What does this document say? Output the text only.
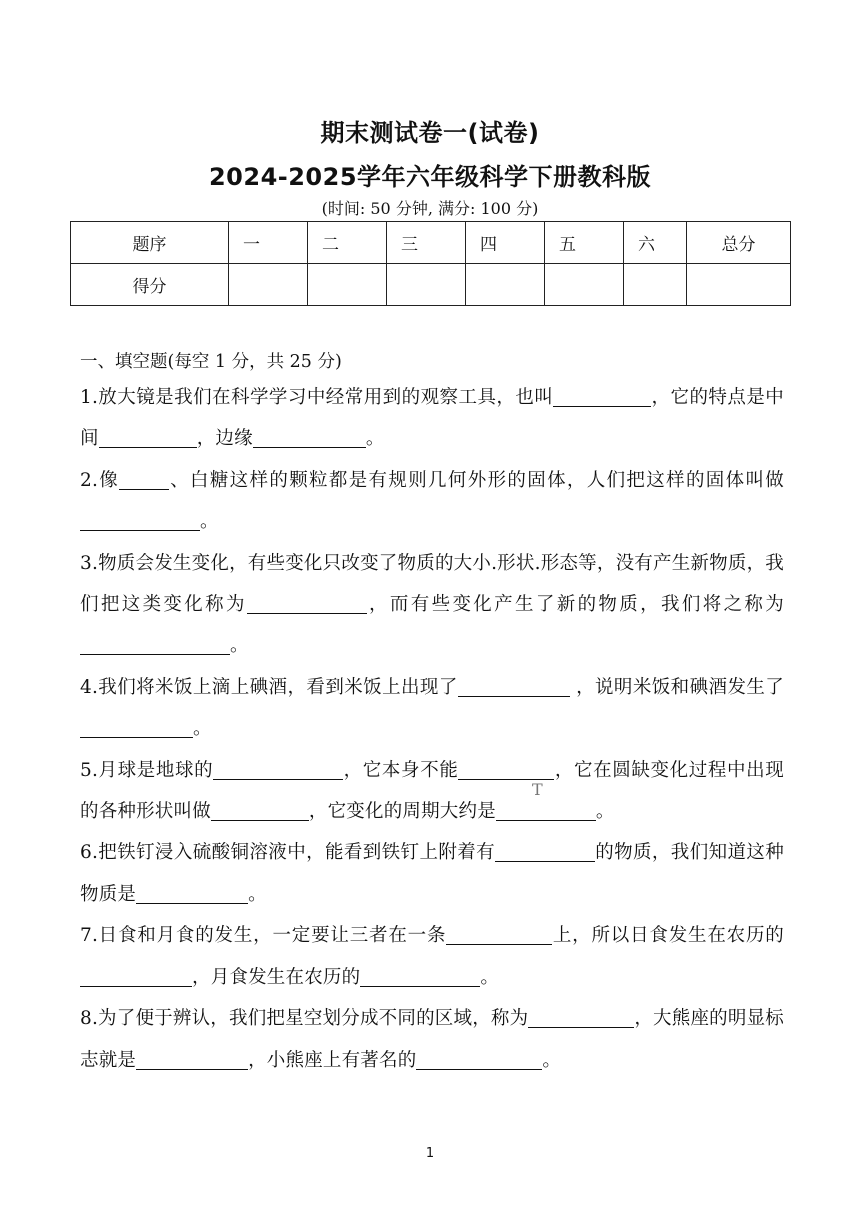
期末测试卷一(试卷)
2024-2025学年六年级科学下册教科版
(时间: 50 分钟, 满分: 100 分)
题序	一	二	三	四	五	六	总分
得分							
一、填空题(每空 1 分，共 25 分)

1.放大镜是我们在科学学习中经常用到的观察工具，也叫	，它的特点是中间	，边缘	。

2.像	、白糖这样的颗粒都是有规则几何外形的固体，人们把这样的固体叫做。

3.物质会发生变化，有些变化只改变了物质的大小.形状.形态等，没有产生新物质，我们把这类变化称为	，而有些变化产生了新的物质，我们将之称为。

4.我们将米饭上滴上碘酒，看到米饭上出现了	，说明米饭和碘酒发生了。

5.月球是地球的	，它本身不能	，它在圆缺变化过程中出现的各种形状叫做	，它变化的周期大约是	。

6.把铁钉浸入硫酸铜溶液中，能看到铁钉上附着有	的物质，我们知道这种物质是	。

7.日食和月食的发生，一定要让三者在一条	上，所以日食发生在农历的，月食发生在农历的	。

8.为了便于辨认，我们把星空划分成不同的区域，称为	，大熊座的明显标志就是	，小熊座上有著名的	。

T
1
